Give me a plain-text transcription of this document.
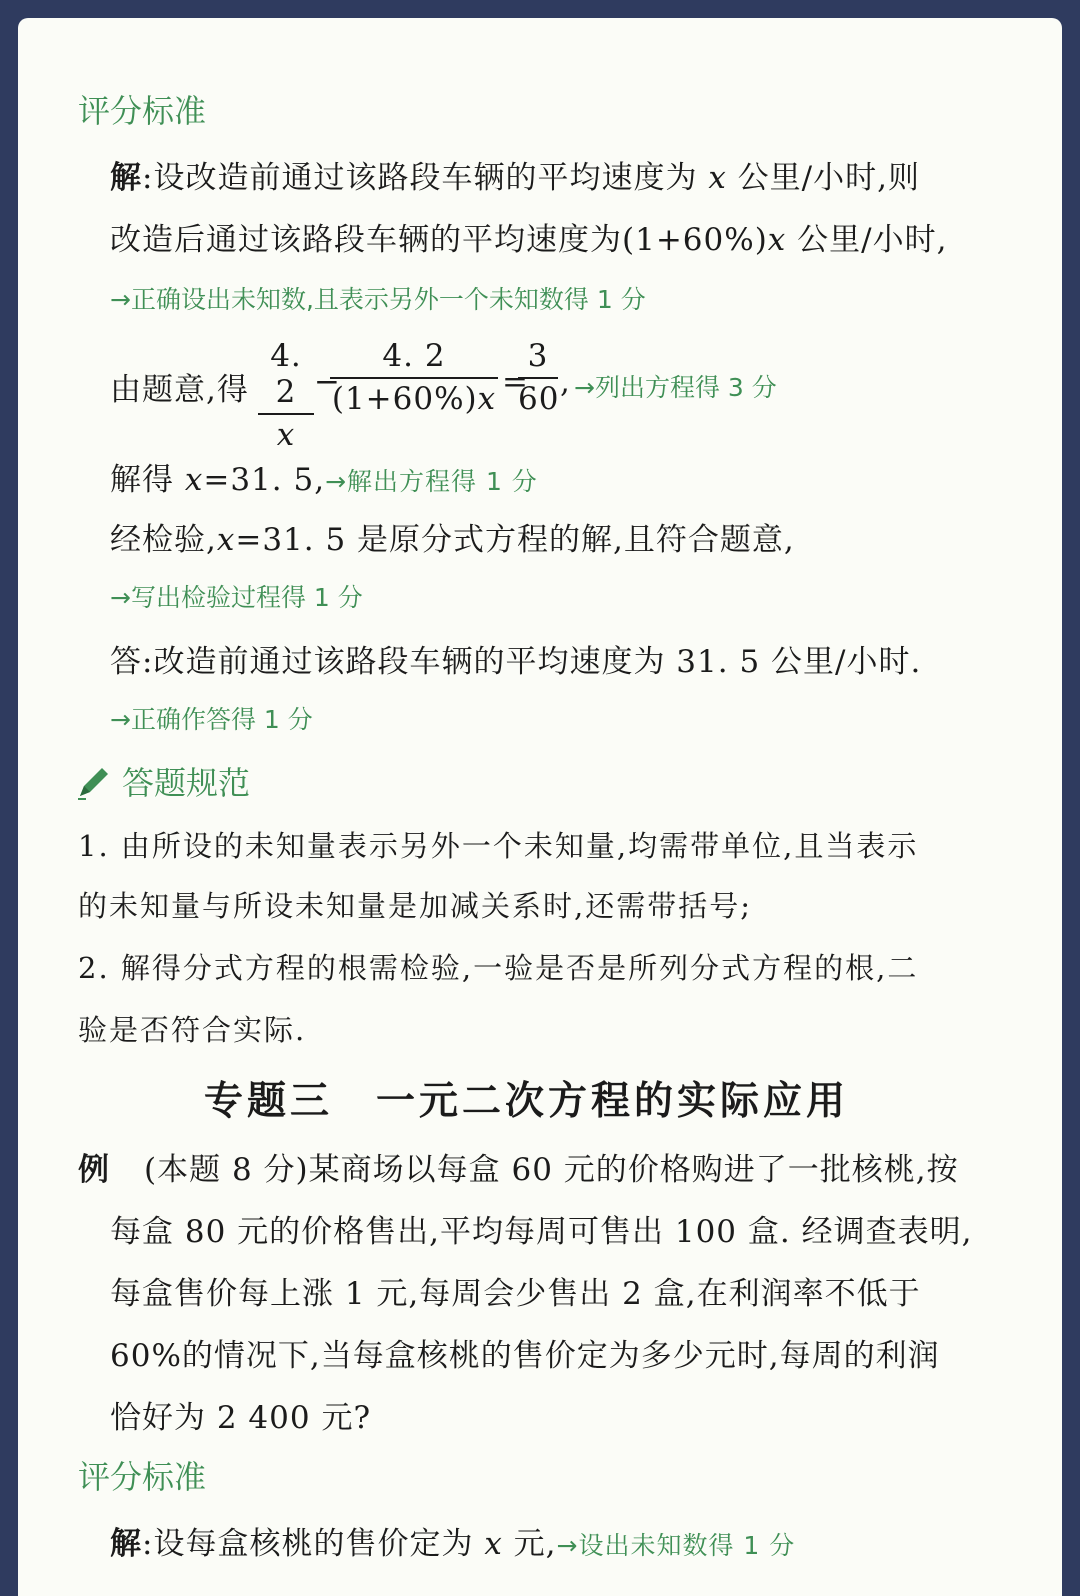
评分标准
解:设改造前通过该路段车辆的平均速度为 x 公里/小时,则
改造后通过该路段车辆的平均速度为(1+60%)x 公里/小时,
→正确设出未知数,且表示另外一个未知数得 1 分
由题意,得
4. 2
x
−
4. 2
(1+60%)x =
3
60 , →列出方程得 3 分
解得 x=31. 5,→解出方程得 1 分
经检验,x=31. 5 是原分式方程的解,且符合题意,
→写出检验过程得 1 分
答:改造前通过该路段车辆的平均速度为 31. 5 公里/小时.
→正确作答得 1 分
答题规范
1. 由所设的未知量表示另外一个未知量,均需带单位,且当表示
的未知量与所设未知量是加减关系时,还需带括号;
2. 解得分式方程的根需检验,一验是否是所列分式方程的根,二
验是否符合实际.
专题三　一元二次方程的实际应用
例 (本题 8 分)某商场以每盒 60 元的价格购进了一批核桃,按
每盒 80 元的价格售出,平均每周可售出 100 盒. 经调查表明,
每盒售价每上涨 1 元,每周会少售出 2 盒,在利润率不低于
60%的情况下,当每盒核桃的售价定为多少元时,每周的利润
恰好为 2 400 元?
评分标准
解:设每盒核桃的售价定为 x 元,→设出未知数得 1 分
